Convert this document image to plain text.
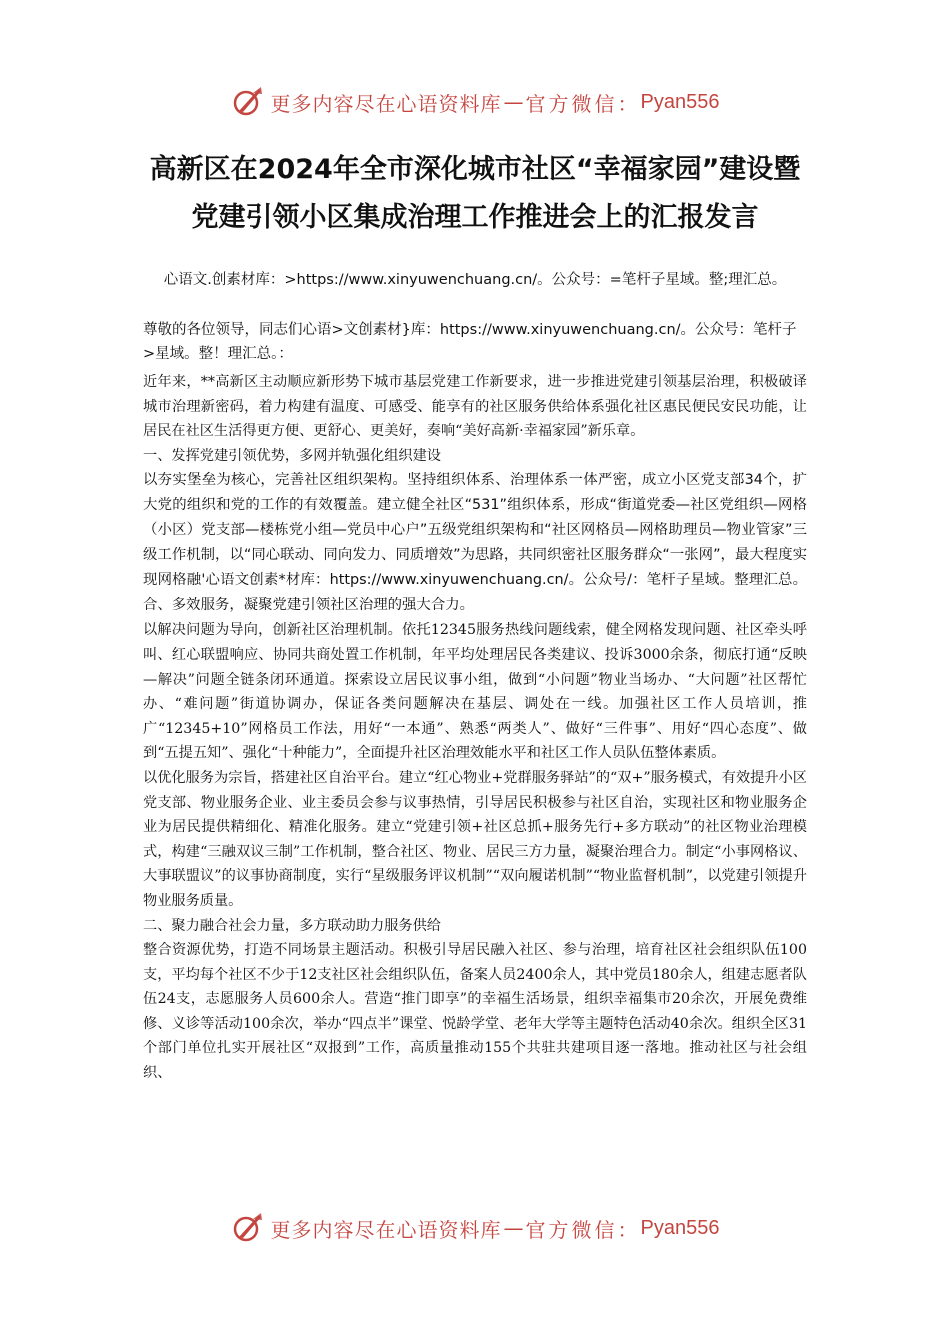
更多内容尽在心语资料库 — 官方微信： Pyan556
高新区在2024年全市深化城市社区“幸福家园”建设暨党建引领小区集成治理工作推进会上的汇报发言
心语文.创素材库：>https://www.xinyuwenchuang.cn/。公众号：=笔杆子星域。整;理汇总。
尊敬的各位领导，同志们心语>文创素材}库：https://www.xinyuwenchuang.cn/。公众号：笔杆子>星域。整！理汇总。：

近年来，**高新区主动顺应新形势下城市基层党建工作新要求，进一步推进党建引领基层治理，积极破译城市治理新密码，着力构建有温度、可感受、能享有的社区服务供给体系强化社区惠民便民安民功能，让居民在社区生活得更方便、更舒心、更美好，奏响“美好高新·幸福家园”新乐章。

一、发挥党建引领优势，多网并轨强化组织建设

以夯实堡垒为核心，完善社区组织架构。坚持组织体系、治理体系一体严密，成立小区党支部34个，扩大党的组织和党的工作的有效覆盖。建立健全社区“531”组织体系，形成“街道党委—社区党组织—网格（小区）党支部—楼栋党小组—党员中心户”五级党组织架构和“社区网格员—网格助理员—物业管家”三级工作机制，以“同心联动、同向发力、同质增效”为思路，共同织密社区服务群众“一张网”，最大程度实现网格融'心语文创素*材库：https://www.xinyuwenchuang.cn/。公众号/：笔杆子星域。整理汇总。合、多效服务，凝聚党建引领社区治理的强大合力。

以解决问题为导向，创新社区治理机制。依托12345服务热线问题线索，健全网格发现问题、社区牵头呼叫、红心联盟响应、协同共商处置工作机制，年平均处理居民各类建议、投诉3000余条，彻底打通“反映—解决”问题全链条闭环通道。探索设立居民议事小组，做到“小问题”物业当场办、“大问题”社区帮忙办、“难问题”街道协调办，保证各类问题解决在基层、调处在一线。加强社区工作人员培训，推广“12345+10”网格员工作法，用好“一本通”、熟悉“两类人”、做好“三件事”、用好“四心态度”、做到“五提五知”、强化“十种能力”，全面提升社区治理效能水平和社区工作人员队伍整体素质。

以优化服务为宗旨，搭建社区自治平台。建立“红心物业+党群服务驿站”的“双+”服务模式，有效提升小区党支部、物业服务企业、业主委员会参与议事热情，引导居民积极参与社区自治，实现社区和物业服务企业为居民提供精细化、精准化服务。建立“党建引领+社区总抓+服务先行+多方联动”的社区物业治理模式，构建“三融双议三制”工作机制，整合社区、物业、居民三方力量，凝聚治理合力。制定“小事网格议、大事联盟议”的议事协商制度，实行“星级服务评议机制”“双向履诺机制”“物业监督机制”，以党建引领提升物业服务质量。

二、聚力融合社会力量，多方联动助力服务供给

整合资源优势，打造不同场景主题活动。积极引导居民融入社区、参与治理，培育社区社会组织队伍100支，平均每个社区不少于12支社区社会组织队伍，备案人员2400余人，其中党员180余人，组建志愿者队伍24支，志愿服务人员600余人。营造“推门即享”的幸福生活场景，组织幸福集市20余次，开展免费维修、义诊等活动100余次，举办“四点半”课堂、悦龄学堂、老年大学等主题特色活动40余次。组织全区31个部门单位扎实开展社区“双报到”工作，高质量推动155个共驻共建项目逐一落地。推动社区与社会组织、

更多内容尽在心语资料库 — 官方微信： Pyan556
